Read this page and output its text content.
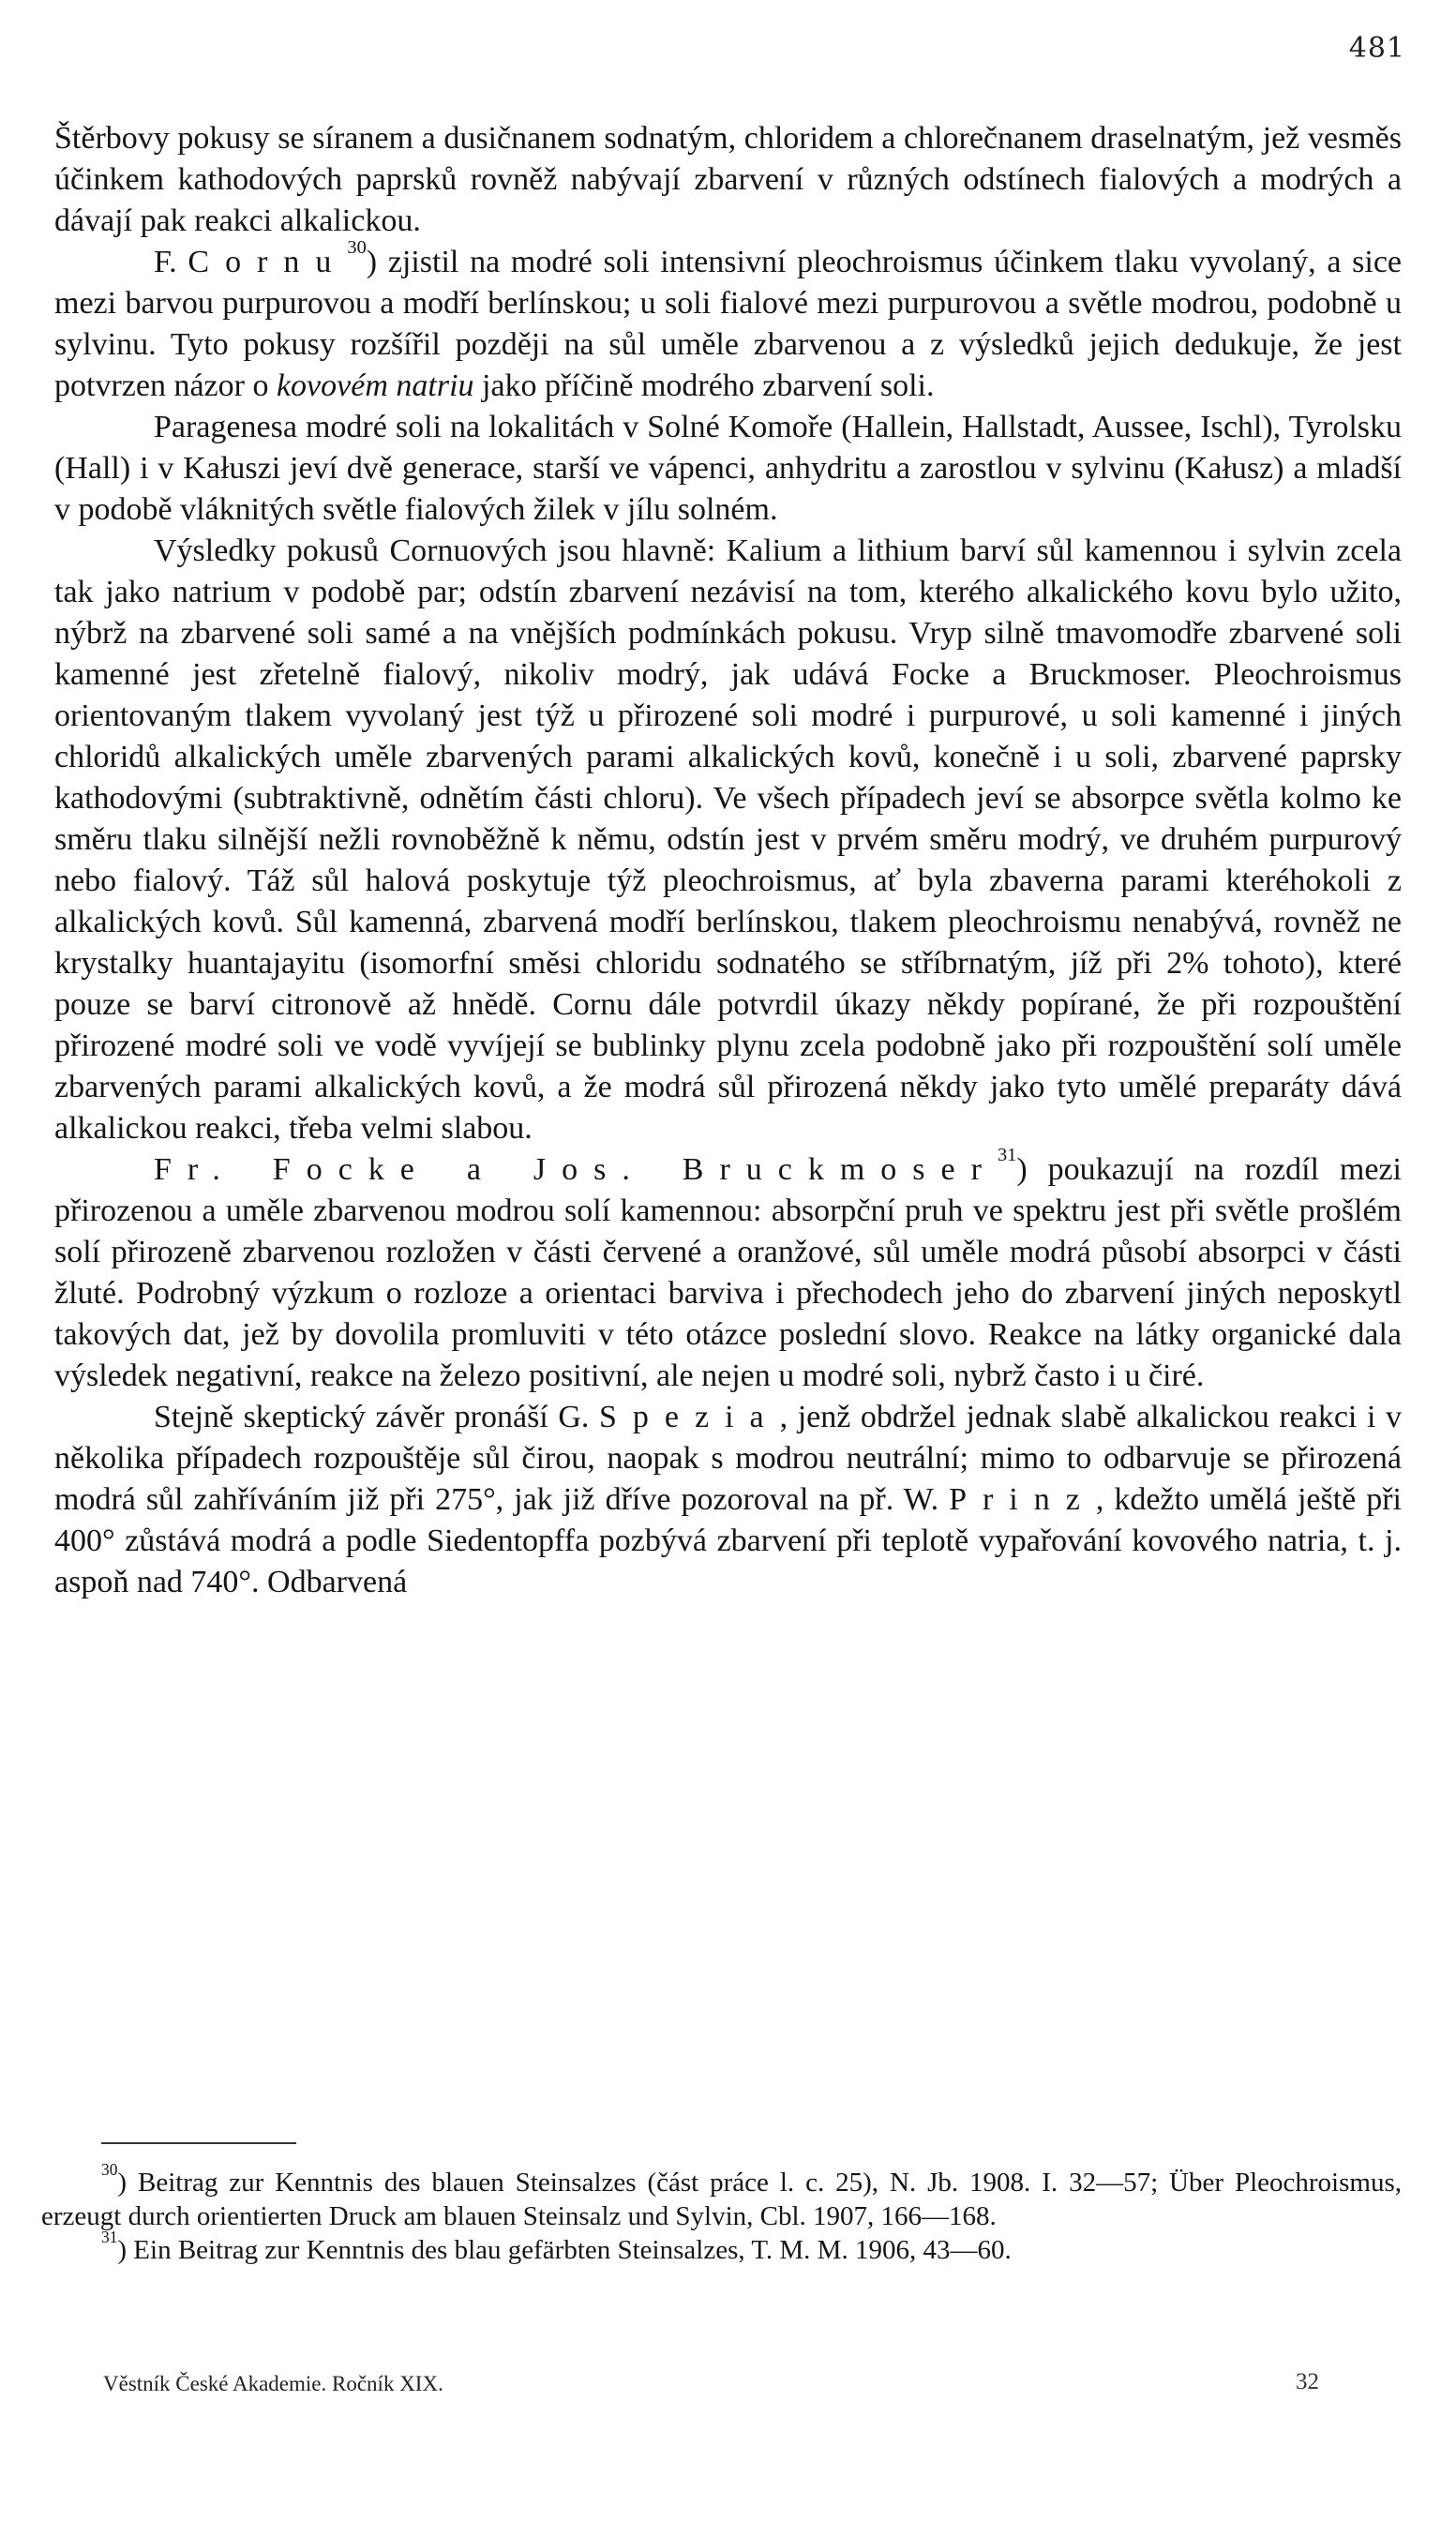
481

Štěrbovy pokusy se síranem a dusičnanem sodnatým, chloridem a chlorečnanem draselnatým, jež vesměs účinkem kathodových paprsků rovněž nabývají zbarvení v různých odstínech fialových a modrých a dávají pak reakci alkalickou.

F. Cornu$^{30}$) zjistil na modré soli intensivní pleochroismus účinkem tlaku vyvolaný, a sice mezi barvou purpurovou a modří berlínskou; u soli fialové mezi purpurovou a světle modrou, podobně u sylvinu. Tyto pokusy rozšířil později na sůl uměle zbarvenou a z výsledků jejich dedukuje, že jest potvrzen názor o kovovém natriu jako příčině modrého zbarvení soli.

Paragenesa modré soli na lokalitách v Solné Komoře (Hallein, Hallstadt, Aussee, Ischl), Tyrolsku (Hall) i v Kałuszi jeví dvě generace, starší ve vápenci, anhydritu a zarostlou v sylvinu (Kałusz) a mladší v podobě vláknitých světle fialových žilek v jílu solném.

Výsledky pokusů Cornuových jsou hlavně: Kalium a lithium barví sůl kamennou i sylvin zcela tak jako natrium v podobě par; odstín zbarvení nezávisí na tom, kterého alkalického kovu bylo užito, nýbrž na zbarvené soli samé a na vnějších podmínkách pokusu. Vryp silně tmavomodře zbarvené soli kamenné jest zřetelně fialový, nikoliv modrý, jak udává Focke a Bruckmoser. Pleochroismus orientovaným tlakem vyvolaný jest týž u přirozené soli modré i purpurové, u soli kamenné i jiných chloridů alkalických uměle zbarvených parami alkalických kovů, konečně i u soli, zbarvené paprsky kathodovými (subtraktivně, odnětím části chloru). Ve všech případech jeví se absorpce světla kolmo ke směru tlaku silnější nežli rovnoběžně k němu, odstín jest v prvém směru modrý, ve druhém purpurový nebo fialový. Táž sůl halová poskytuje týž pleochroismus, ať byla zbaverna parami kteréhokoli z alkalických kovů. Sůl kamenná, zbarvená modří berlínskou, tlakem pleochroismu nenabývá, rovněž ne krystalky huantajayitu (isomorfní směsi chloridu sodnatého se stříbrnatým, jíž při 2% tohoto), které pouze se barví citronově až hnědě. Cornu dále potvrdil úkazy někdy popírané, že při rozpouštění přirozené modré soli ve vodě vyvíjejí se bublinky plynu zcela podobně jako při rozpouštění solí uměle zbarvených parami alkalických kovů, a že modrá sůl přirozená někdy jako tyto umělé preparáty dává alkalickou reakci, třeba velmi slabou.

Fr. Focke a Jos. Bruckmoser$^{31}$) poukazují na rozdíl mezi přirozenou a uměle zbarvenou modrou solí kamennou: absorpční pruh ve spektru jest při světle prošlém solí přirozeně zbarvenou rozložen v části červené a oranžové, sůl uměle modrá působí absorpci v části žluté. Podrobný výzkum o rozloze a orientaci barviva i přechodech jeho do zbarvení jiných neposkytl takových dat, jež by dovolila promluviti v této otázce poslední slovo. Reakce na látky organické dala výsledek negativní, reakce na železo positivní, ale nejen u modré soli, nybrž často i u čiré.

Stejně skeptický závěr pronáší G. Spezia, jenž obdržel jednak slabě alkalickou reakci i v několika případech rozpouštěje sůl čirou, naopak s modrou neutrální; mimo to odbarvuje se přirozená modrá sůl zahříváním již při 275°, jak již dříve pozoroval na př. W. Prinz, kdežto umělá ještě při 400° zůstává modrá a podle Siedentopffa pozbývá zbarvení při teplotě vypařování kovového natria, t. j. aspoň nad 740°. Odbarvená

$^{30}$) Beitrag zur Kenntnis des blauen Steinsalzes (část práce l. c. 25), N. Jb. 1908. I. 32—57; Über Pleochroismus, erzeugt durch orientierten Druck am blauen Steinsalz und Sylvin, Cbl. 1907, 166—168.

$^{31}$) Ein Beitrag zur Kenntnis des blau gefärbten Steinsalzes, T. M. M. 1906, 43—60.

Věstník České Akademie. Ročník XIX.	32
